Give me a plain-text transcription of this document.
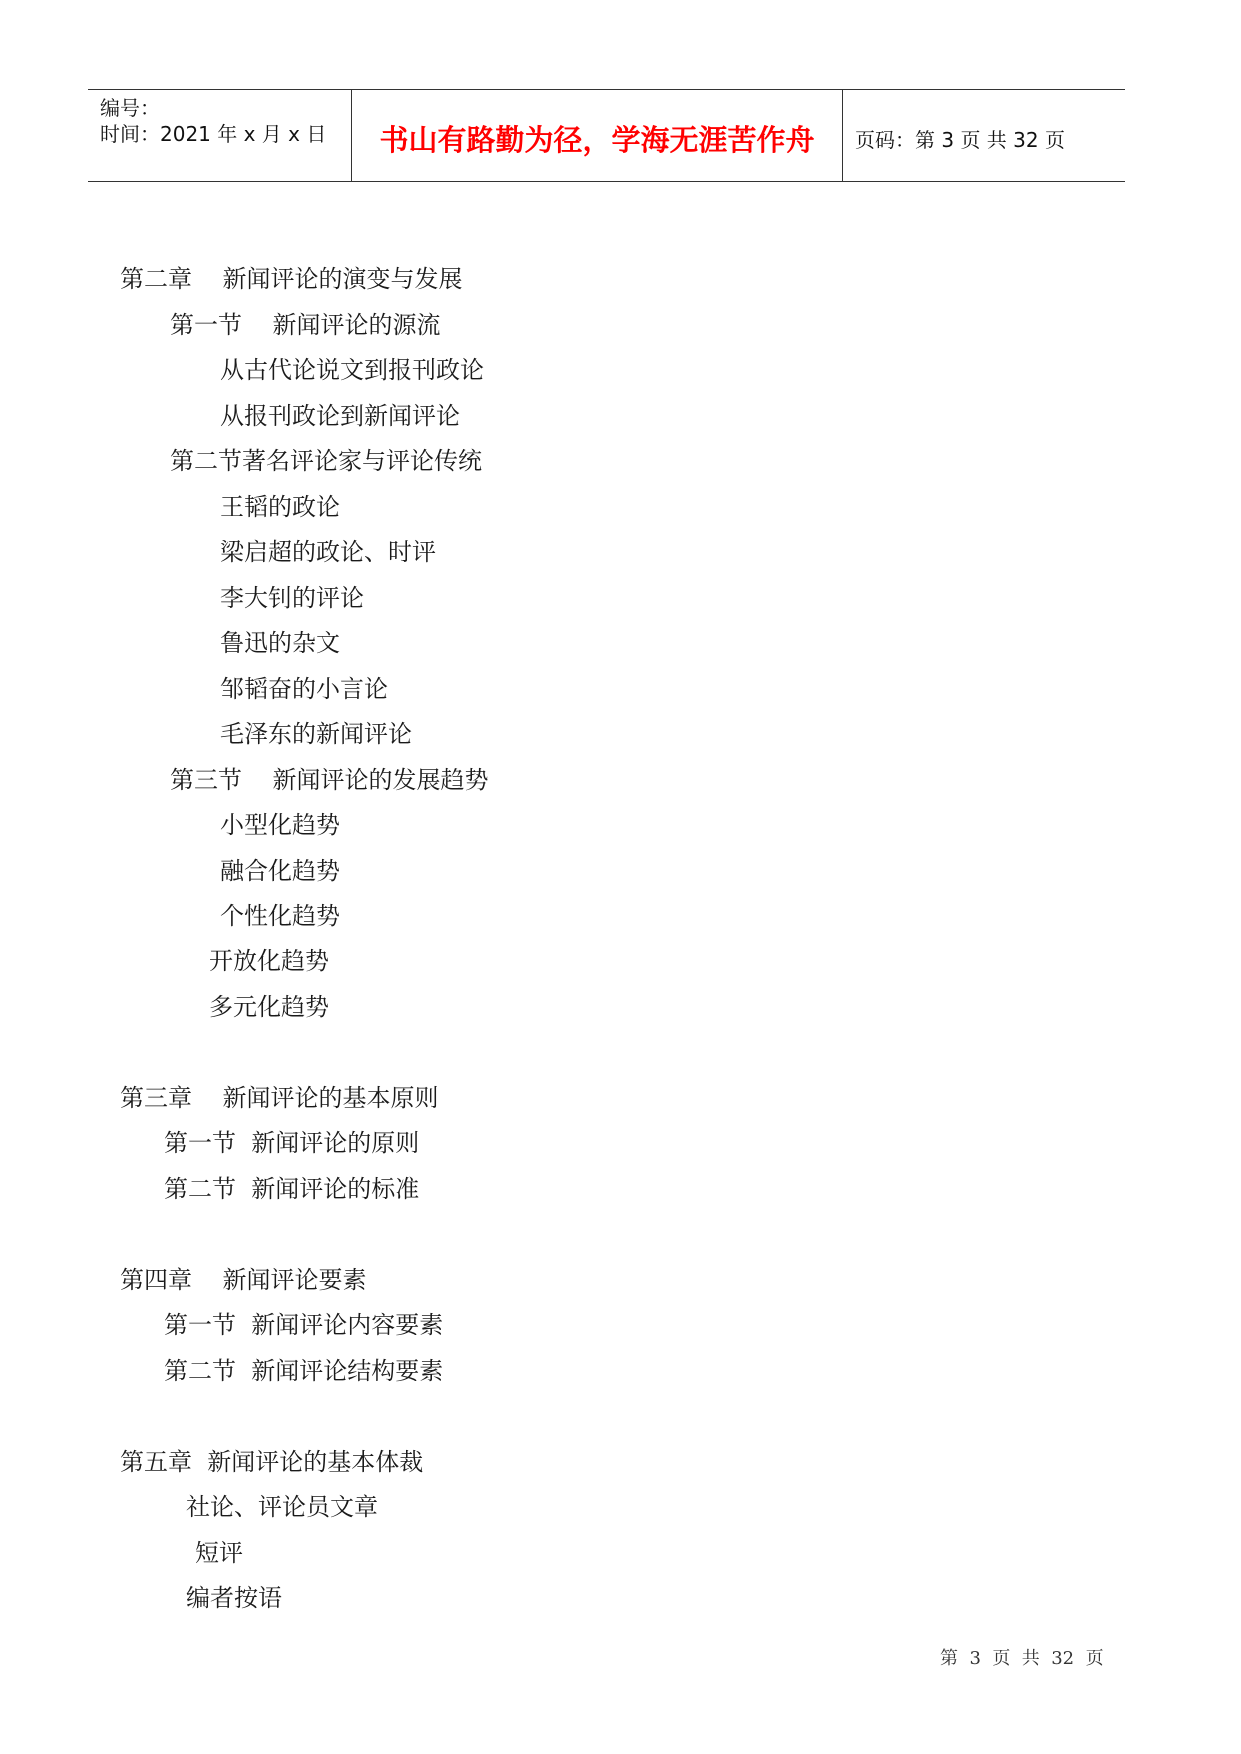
编号：
时间：2021 年 x 月 x 日	书山有路勤为径，学海无涯苦作舟	页码：第 3 页 共 32 页
第二章    新闻评论的演变与发展
第一节    新闻评论的源流
从古代论说文到报刊政论
从报刊政论到新闻评论
第二节著名评论家与评论传统
王韬的政论
梁启超的政论、时评
李大钊的评论
鲁迅的杂文
邹韬奋的小言论
毛泽东的新闻评论
第三节    新闻评论的发展趋势
小型化趋势
融合化趋势
个性化趋势
开放化趋势
多元化趋势
第三章    新闻评论的基本原则
第一节  新闻评论的原则
第二节  新闻评论的标准
第四章    新闻评论要素
第一节  新闻评论内容要素
第二节  新闻评论结构要素
第五章  新闻评论的基本体裁
社论、评论员文章
短评
编者按语
第  3  页  共  32  页
